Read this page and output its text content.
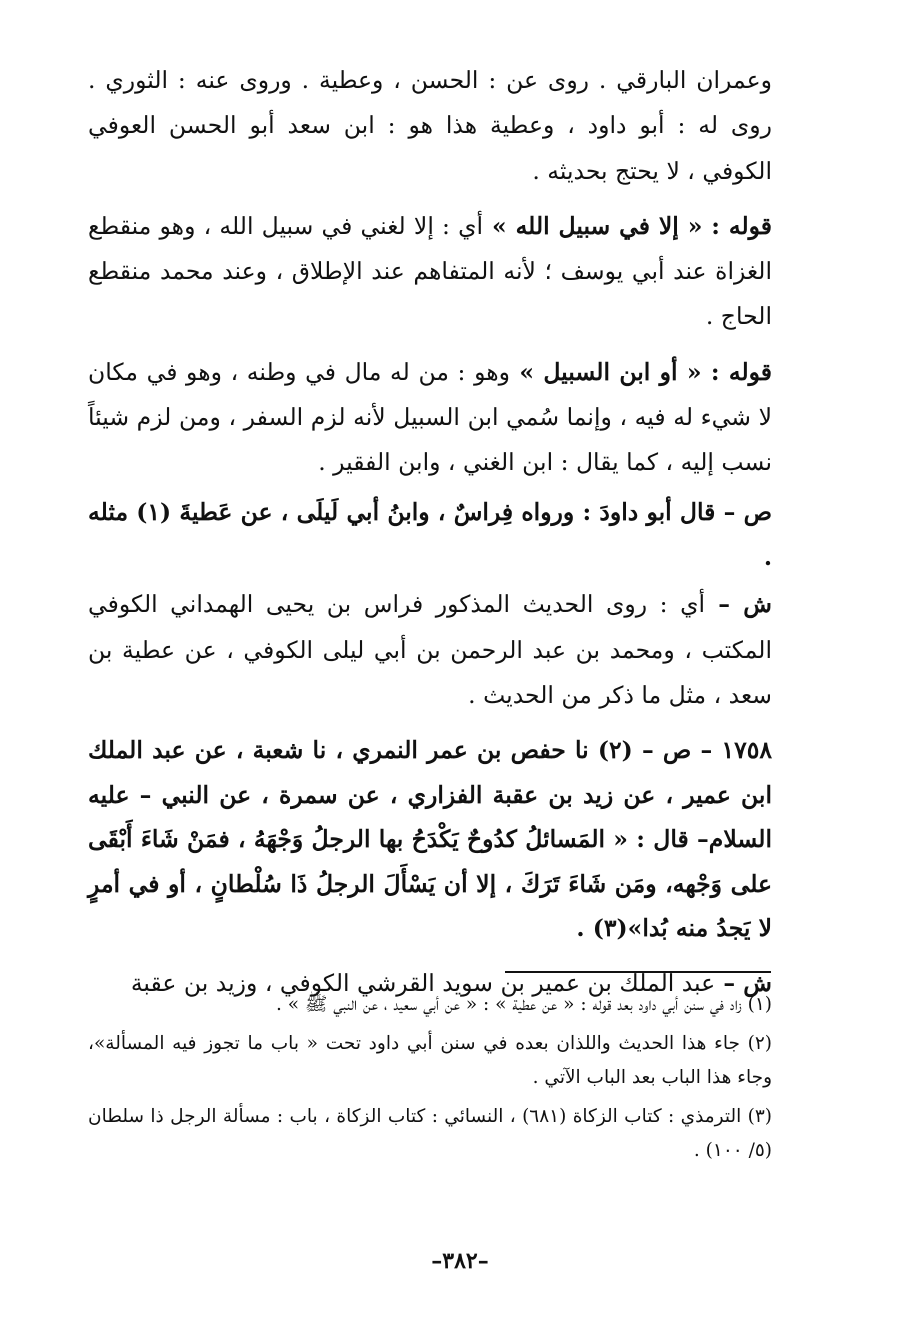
وعمران البارقي . روى عن : الحسن ، وعطية . وروى عنه : الثوري . روى له : أبو داود ، وعطية هذا هو : ابن سعد أبو الحسن العوفي الكوفي ، لا يحتج بحديثه .

قوله : « إلا في سبيل الله » أي : إلا لغني في سبيل الله ، وهو منقطع الغزاة عند أبي يوسف ؛ لأنه المتفاهم عند الإطلاق ، وعند محمد منقطع الحاج .

قوله : « أو ابن السبيل » وهو : من له مال في وطنه ، وهو في مكان لا شيء له فيه ، وإنما سُمي ابن السبيل لأنه لزم السفر ، ومن لزم شيئاً نسب إليه ، كما يقال : ابن الغني ، وابن الفقير .

ص – قال أبو داودَ : ورواه فِراسٌ ، وابنُ أبي لَيلَى ، عن عَطيةَ (١) مثله .

ش – أي : روى الحديث المذكور فراس بن يحيى الهمداني الكوفي المكتب ، ومحمد بن عبد الرحمن بن أبي ليلى الكوفي ، عن عطية بن سعد ، مثل ما ذكر من الحديث .

١٧٥٨ – ص – (٢) نا حفص بن عمر النمري ، نا شعبة ، عن عبد الملك ابن عمير ، عن زيد بن عقبة الفزاري ، عن سمرة ، عن النبي – عليه السلام– قال : « المَسائلُ كدُوحٌ يَكْدَحُ بها الرجلُ وَجْهَهُ ، فمَنْ شَاءَ أَبْقَى على وَجْهه، ومَن شَاءَ تَرَكَ ، إلا أن يَسْأَلَ الرجلُ ذَا سُلْطانٍ ، أو في أمرٍ لا يَجدُ منه بُدا»(٣) .

ش – عبد الملك بن عمير بن سويد القرشي الكوفي ، وزيد بن عقبة

(١) زاد في سنن أبي داود بعد قوله : « عن عطية » : « عن أبي سعيد ، عن النبي ﷺ » .

(٢) جاء هذا الحديث واللذان بعده في سنن أبي داود تحت « باب ما تجوز فيه المسألة»، وجاء هذا الباب بعد الباب الآتي .

(٣) الترمذي : كتاب الزكاة (٦٨١) ، النسائي : كتاب الزكاة ، باب : مسألة الرجل ذا سلطان (٥/ ١٠٠) .

–٣٨٢–
